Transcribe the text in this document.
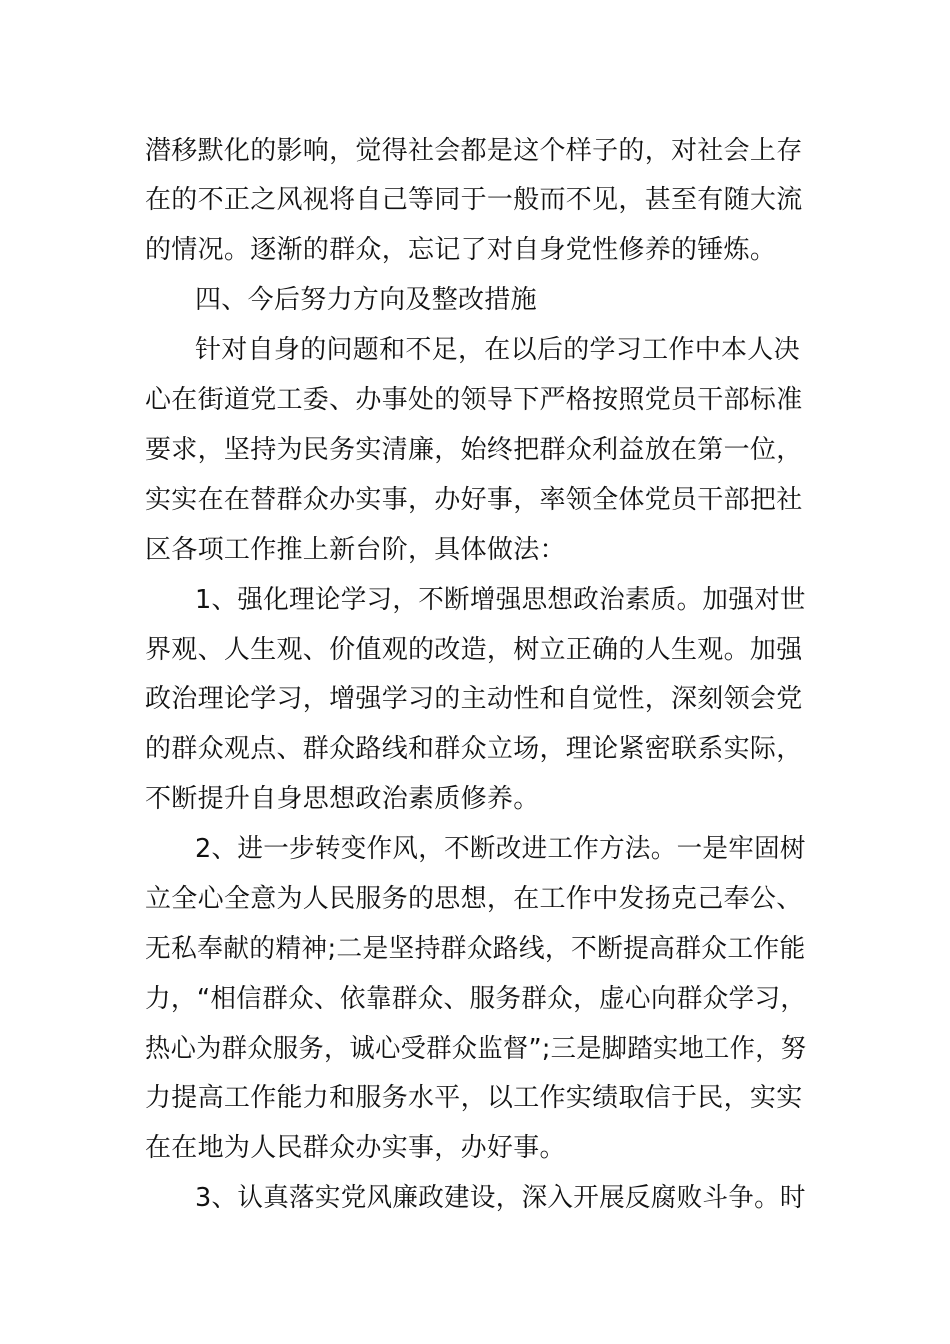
潜移默化的影响，觉得社会都是这个样子的，对社会上存
在的不正之风视将自己等同于一般而不见，甚至有随大流
的情况。逐渐的群众，忘记了对自身党性修养的锤炼。
四、今后努力方向及整改措施
针对自身的问题和不足，在以后的学习工作中本人决
心在街道党工委、办事处的领导下严格按照党员干部标准
要求，坚持为民务实清廉，始终把群众利益放在第一位，
实实在在替群众办实事，办好事，率领全体党员干部把社
区各项工作推上新台阶，具体做法：
1、强化理论学习，不断增强思想政治素质。加强对世
界观、人生观、价值观的改造，树立正确的人生观。加强
政治理论学习，增强学习的主动性和自觉性，深刻领会党
的群众观点、群众路线和群众立场，理论紧密联系实际，
不断提升自身思想政治素质修养。
2、进一步转变作风，不断改进工作方法。一是牢固树
立全心全意为人民服务的思想，在工作中发扬克己奉公、
无私奉献的精神;二是坚持群众路线，不断提高群众工作能
力，“相信群众、依靠群众、服务群众，虚心向群众学习，
热心为群众服务，诚心受群众监督”;三是脚踏实地工作，努
力提高工作能力和服务水平，以工作实绩取信于民，实实
在在地为人民群众办实事，办好事。
3、认真落实党风廉政建设，深入开展反腐败斗争。时
